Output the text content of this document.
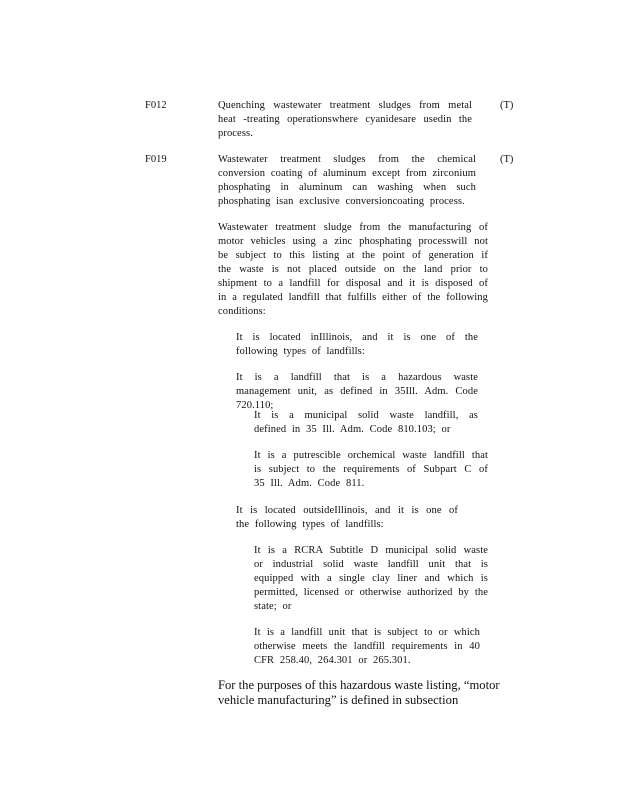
F012	Quenching wastewater treatment sludges from metal heat -treating operationswhere cyanidesare usedin the process.
(T)
F019	Wastewater treatment sludges from the chemical conversion coating of aluminum except from zirconium phosphating in aluminum can washing when such phosphating isan exclusive conversioncoating process.
(T)
Wastewater treatment sludge from the manufacturing of motor vehicles using a zinc phosphating processwill not be subject to this listing at the point of generation if the waste is not placed outside on the land prior to shipment to a landfill for disposal and it is disposed of in a regulated landfill that fulfills either of the following conditions:
It is located inIllinois, and it is one of the following types of landfills:
It is a landfill that is a hazardous waste management unit, as defined in 35Ill. Adm. Code 720.110;
It is a municipal solid waste landfill, as defined in 35 Ill. Adm. Code 810.103; or
It is a putrescible orchemical waste landfill that is subject to the requirements of Subpart C of 35 Ill. Adm. Code 811.
It is located outsideIllinois, and it is one of the following types of landfills:
It is a RCRA Subtitle D municipal solid waste or industrial solid waste landfill unit that is equipped with a single clay liner and which is permitted, licensed or otherwise authorized by the state; or
It is a landfill unit that is subject to or which otherwise meets the landfill requirements in 40 CFR 258.40, 264.301 or 265.301.
For the purposes of this hazardous waste listing, “motor vehicle manufacturing” is defined in subsection
